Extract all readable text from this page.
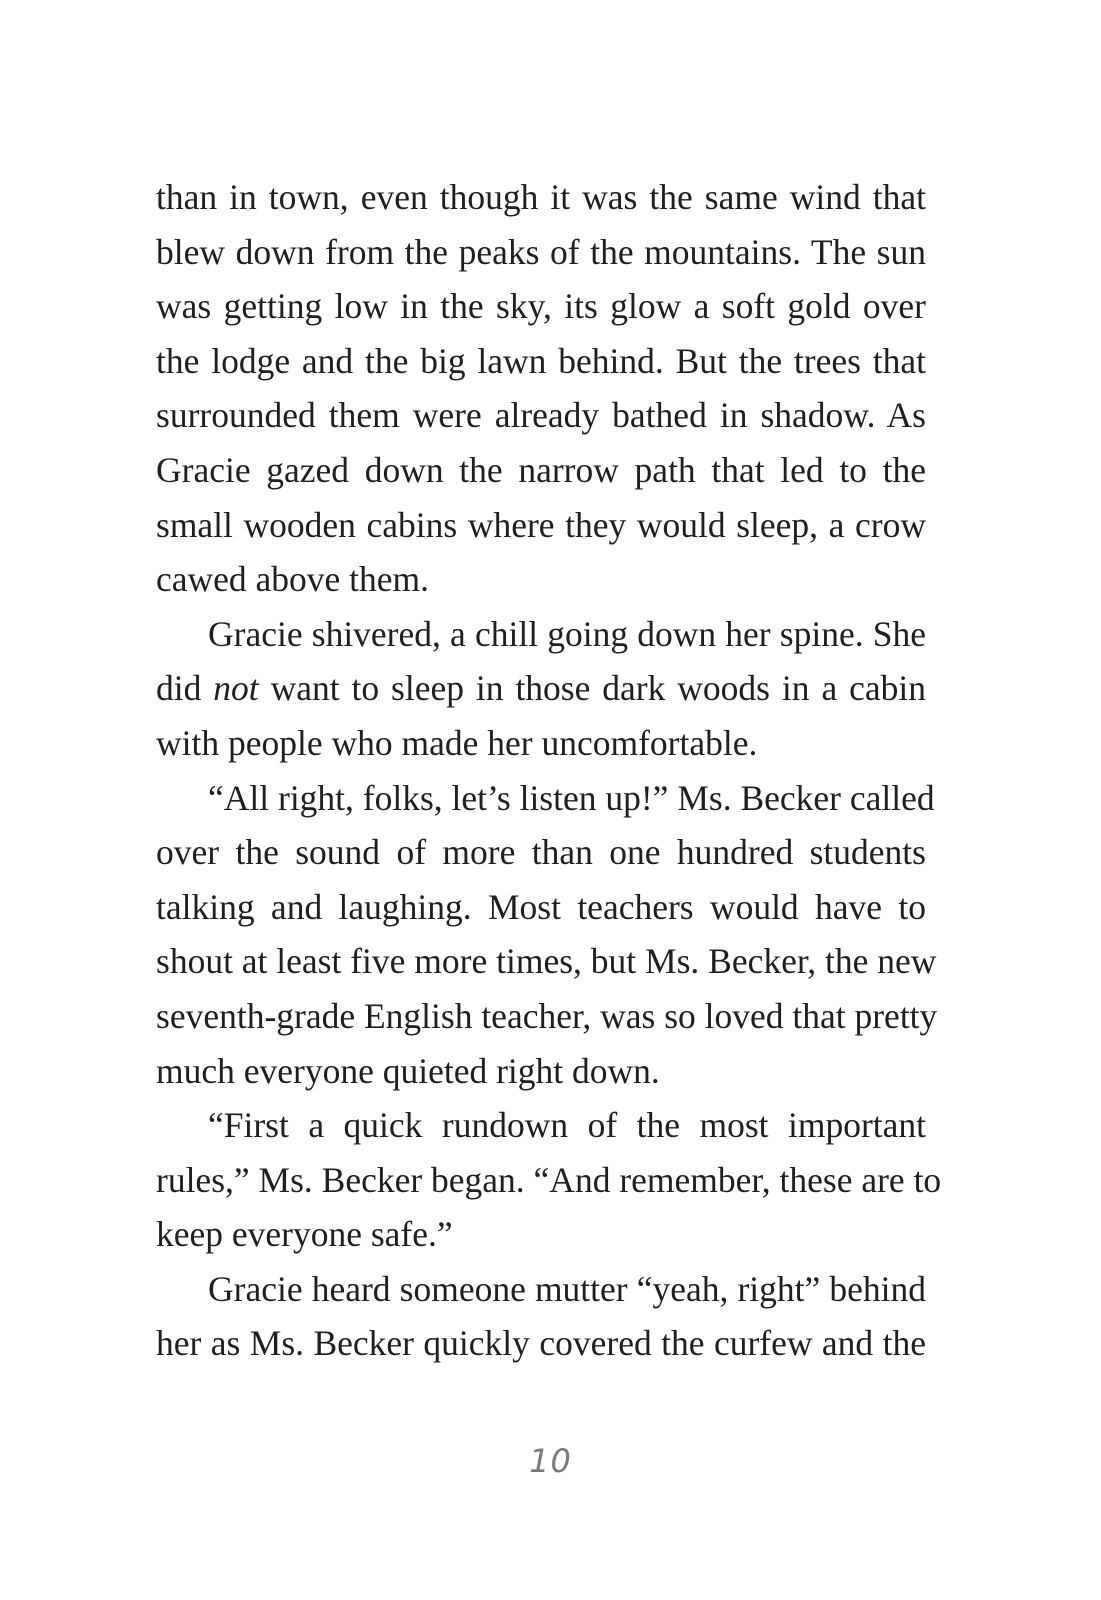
than in town, even though it was the same wind that
blew down from the peaks of the mountains. The sun
was getting low in the sky, its glow a soft gold over
the lodge and the big lawn behind. But the trees that
surrounded them were already bathed in shadow. As
Gracie gazed down the narrow path that led to the
small wooden cabins where they would sleep, a crow
cawed above them.
Gracie shivered, a chill going down her spine. She
did not want to sleep in those dark woods in a cabin
with people who made her uncomfortable.
“All right, folks, let’s listen up!” Ms. Becker called
over the sound of more than one hundred students
talking and laughing. Most teachers would have to
shout at least five more times, but Ms. Becker, the new
seventh-grade English teacher, was so loved that pretty
much everyone quieted right down.
“First a quick rundown of the most important
rules,” Ms. Becker began. “And remember, these are to
keep everyone safe.”
Gracie heard someone mutter “yeah, right” behind
her as Ms. Becker quickly covered the curfew and the
10
